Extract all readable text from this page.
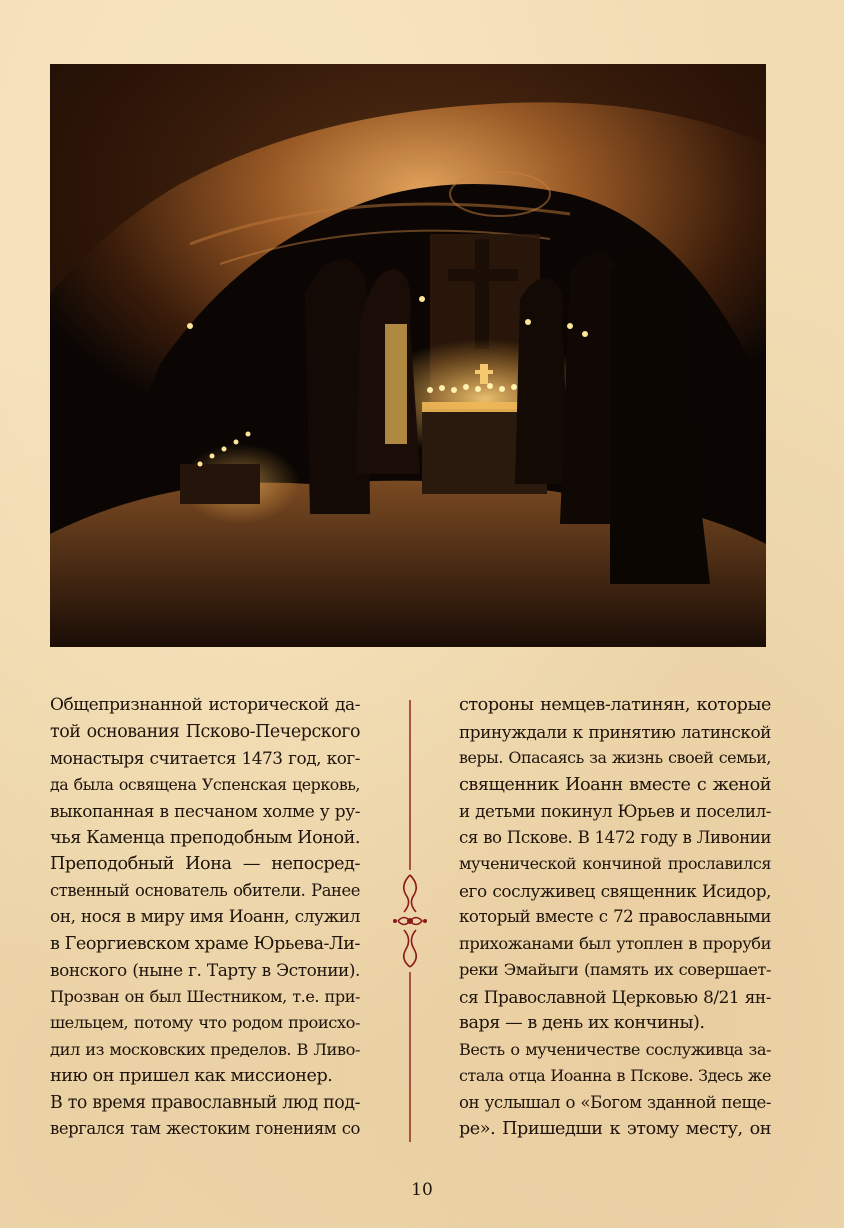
Общепризнанной исторической да-
той основания Псково-Печерского
монастыря считается 1473 год, ког-
да была освящена Успенская церковь,
выкопанная в песчаном холме у ру-
чья Каменца преподобным Ионой.
Преподобный Иона — непосред-
ственный основатель обители. Ранее
он, нося в миру имя Иоанн, служил
в Георгиевском храме Юрьева-Ли-
вонского (ныне г. Тарту в Эстонии).
Прозван он был Шестником, т.е. при-
шельцем, потому что родом происхо-
дил из московских пределов. В Ливо-
нию он пришел как миссионер.
В то время православный люд под-
вергался там жестоким гонениям со
стороны немцев-латинян, которые
принуждали к принятию латинской
веры. Опасаясь за жизнь своей семьи,
священник Иоанн вместе с женой
и детьми покинул Юрьев и поселил-
ся во Пскове. В 1472 году в Ливонии
мученической кончиной прославился
его сослуживец священник Исидор,
который вместе с 72 православными
прихожанами был утоплен в проруби
реки Эмайыги (память их совершает-
ся Православной Церковью 8/21 ян-
варя — в день их кончины).
Весть о мученичестве сослуживца за-
стала отца Иоанна в Пскове. Здесь же
он услышал о «Богом зданной пеще-
ре». Пришедши к этому месту, он
10
